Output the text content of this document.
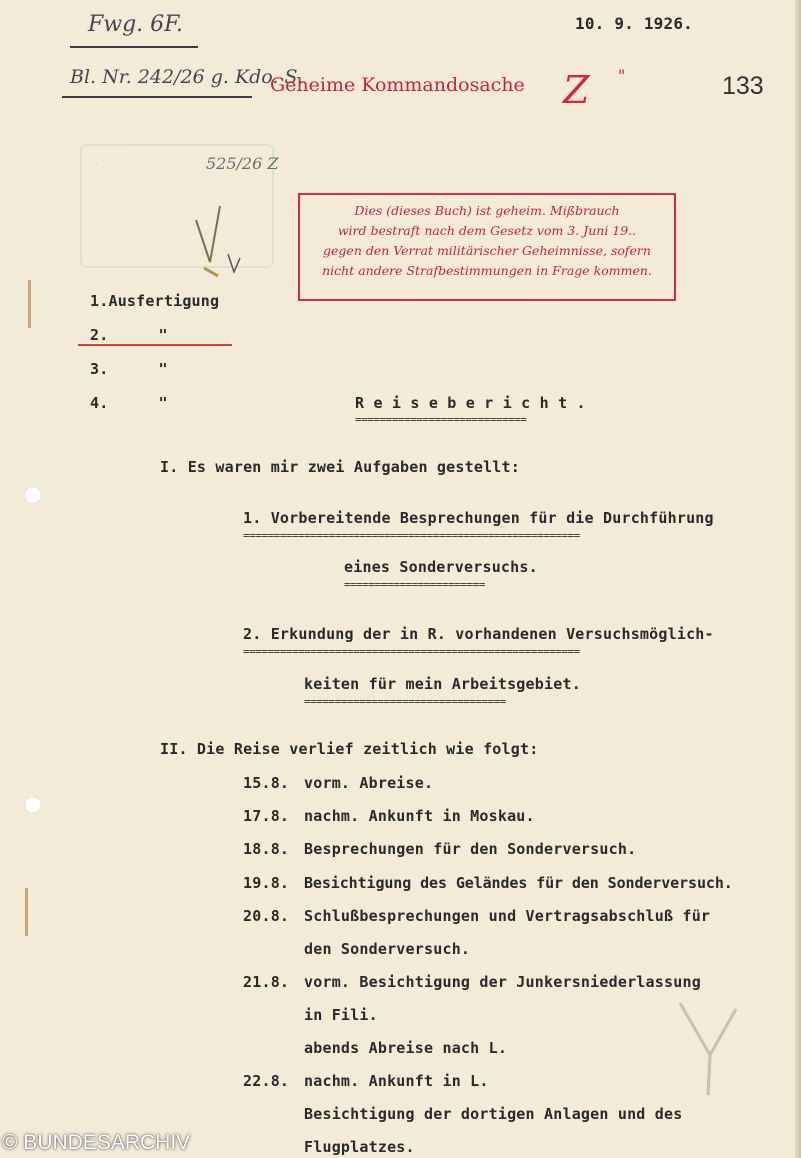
Fwg. 6F.	10. 9. 1926.
Bl. Nr. 242/26 g. Kdo. S.
Geheime Kommandosache Z "	133
.	525/26 Z
Dies (dieses Buch) ist geheim. Mißbrauch
wird bestraft nach dem Gesetz vom 3. Juni 19..
gegen den Verrat militärischer Geheimnisse, sofern
nicht andere Strafbestimmungen in Frage kommen.
1.Ausfertigung
2.	"
3.	"
4.	"	R e i s e b e r i c h t .
============================
I. Es waren mir zwei Aufgaben gestellt:
1. Vorbereitende Besprechungen für die Durchführung
=======================================================
eines Sonderversuchs.
=======================
2. Erkundung der in R. vorhandenen Versuchsmöglich-
=======================================================
keiten für mein Arbeitsgebiet.
=================================
II. Die Reise verlief zeitlich wie folgt:
15.8. vorm. Abreise.
17.8. nachm. Ankunft in Moskau.
18.8. Besprechungen für den Sonderversuch.
19.8. Besichtigung des Geländes für den Sonderversuch.
20.8. Schlußbesprechungen und Vertragsabschluß für
den Sonderversuch.
21.8. vorm. Besichtigung der Junkersniederlassung
in Fili.
abends Abreise nach L.
22.8. nachm. Ankunft in L.
Besichtigung der dortigen Anlagen und des
Flugplatzes.
© BUNDESARCHIV
